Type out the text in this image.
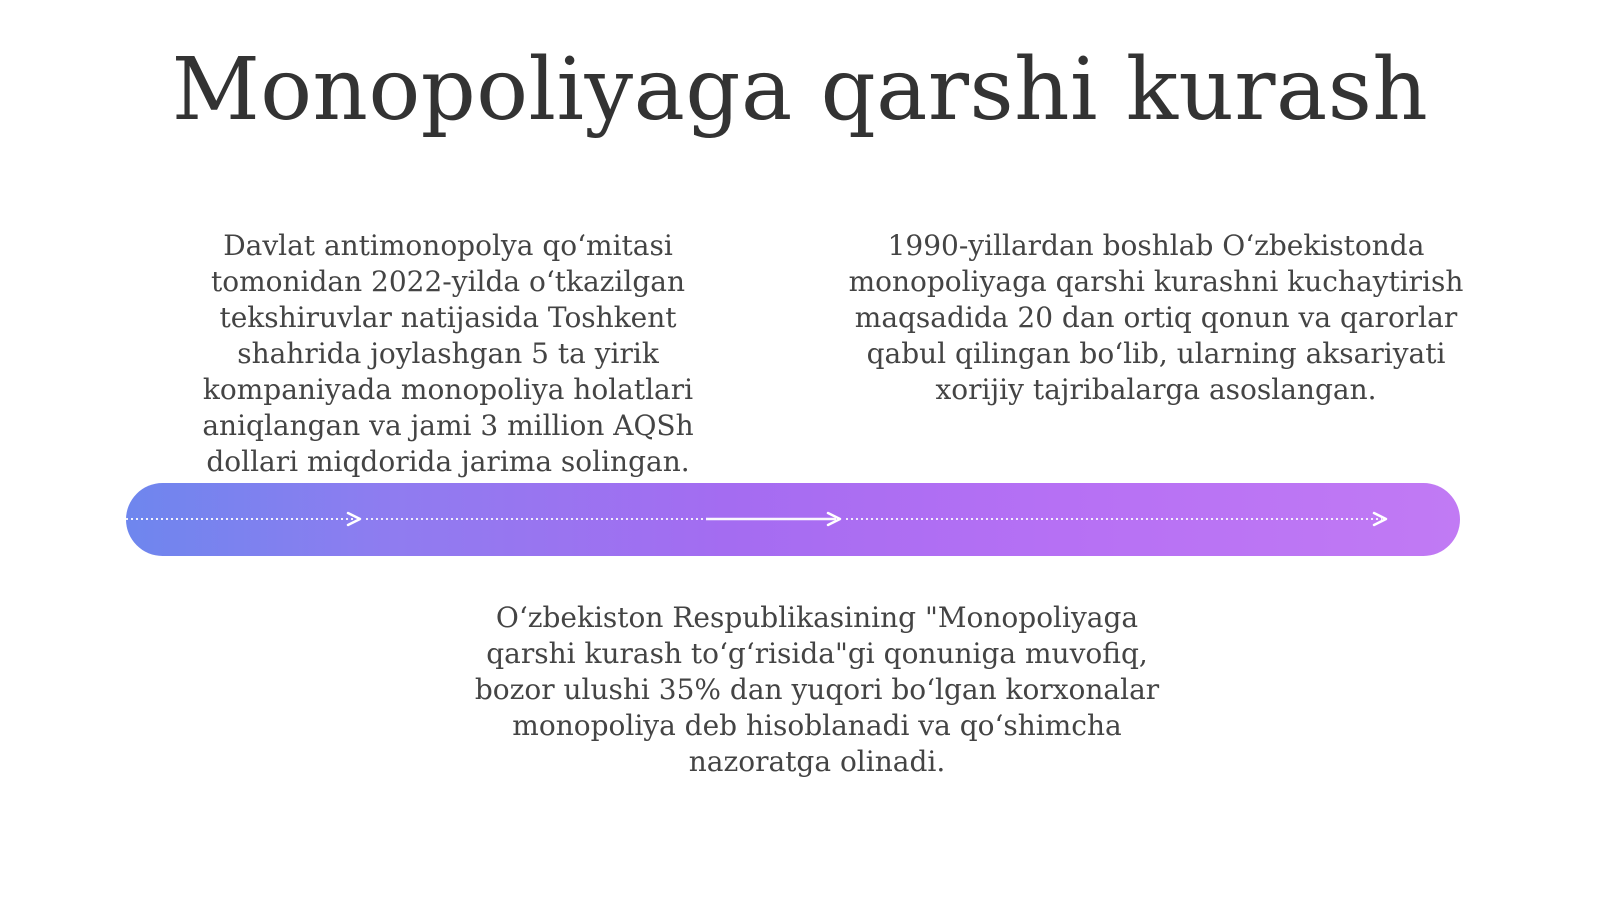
Monopoliyaga qarshi kurash

Davlat antimonopolya qo‘mitasi tomonidan 2022-yilda o‘tkazilgan tekshiruvlar natijasida Toshkent shahrida joylashgan 5 ta yirik kompaniyada monopoliya holatlari aniqlangan va jami 3 million AQSh dollari miqdorida jarima solingan.

1990-yillardan boshlab O‘zbekistonda monopoliyaga qarshi kurashni kuchaytirish maqsadida 20 dan ortiq qonun va qarorlar qabul qilingan bo‘lib, ularning aksariyati xorijiy tajribalarga asoslangan.

O‘zbekiston Respublikasining "Monopoliyaga qarshi kurash to‘g‘risida"gi qonuniga muvofiq, bozor ulushi 35% dan yuqori bo‘lgan korxonalar monopoliya deb hisoblanadi va qo‘shimcha nazoratga olinadi.
